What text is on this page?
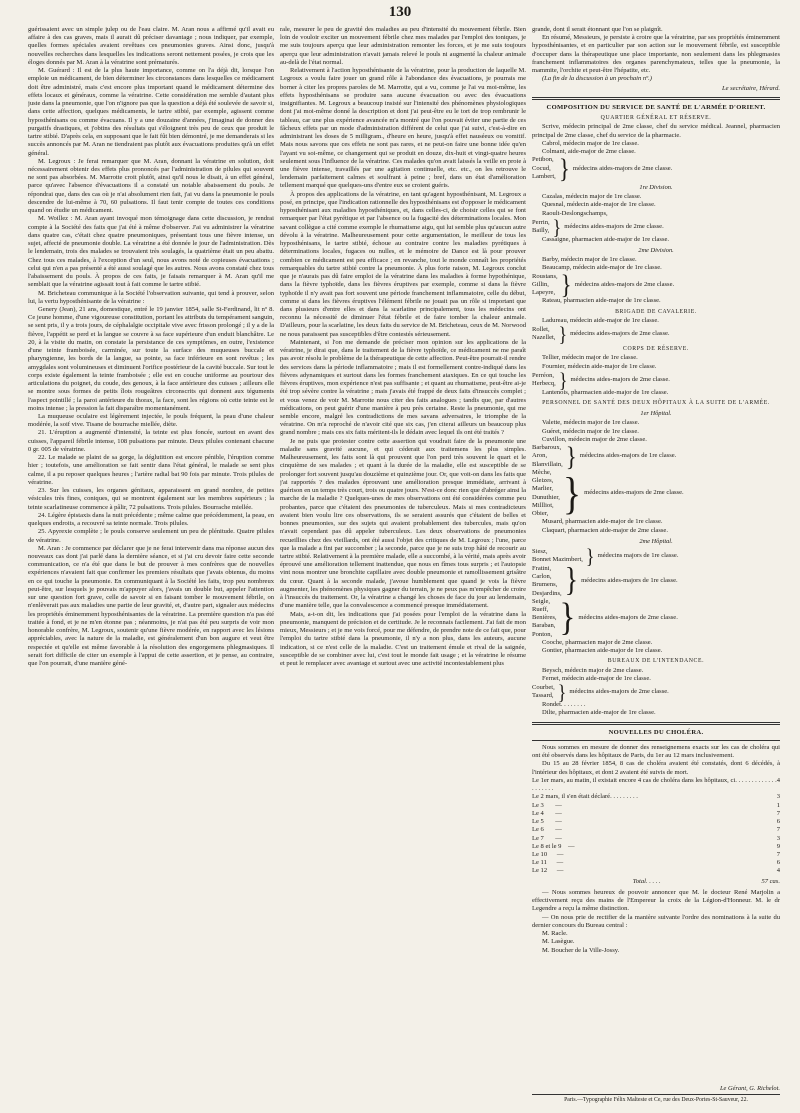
130

guérissaient avec un simple julep ou de l'eau claire. M. Aran nous a affirmé qu'il avait eu affaire à des cas graves, mais il aurait dû préciser davantage ; nous indiquer, par exemple, quelles formes spéciales avaient revêtues ces pneumonies graves. Ainsi donc, jusqu'à nouvelles recherches dans lesquelles les indications seront nettement posées, je crois que les éloges donnés par M. Aran à la vératrine sont prématurés.

M. Guérard : Il est de la plus haute importance, comme on l'a déjà dit, lorsque l'on emploie un médicament, de bien déterminer les circonstances dans lesquelles ce médicament doit être administré, mais c'est encore plus important quand le médicament détermine des effets locaux et généraux, comme la vératrine. Cette considération me semble d'autant plus juste dans la pneumonie, que l'on n'ignore pas que la question a déjà été soulevée de savoir si, dans cette affection, quelques médicaments, le tartre stibié, par exemple, agissent comme hyposthénisans ou comme évacuans. Il y a une douzaine d'années, j'imaginai de donner des purgatifs drastiques, et j'obtins des résultats qui s'éloignent très peu de ceux que produit le tartre stibié. D'après cela, en supposant que le fait fût bien démontré, je me demanderais si les succès annoncés par M. Aran ne tiendraient pas plutôt aux évacuations produites qu'à un effet général.

M. Legroux : Je ferai remarquer que M. Aran, donnant la vératrine en solution, doit nécessairement obtenir des effets plus prononcés par l'administration de pilules qui souvent ne sont pas absorbées. M. Marrotte croit plutôt, ainsi qu'il nous le disait, à un effet général, parce qu'avec l'absence d'évacuations il a constaté un notable abaissement du pouls. Je répondrai que, dans des cas où je n'ai absolument rien fait, j'ai vu dans la pneumonie le pouls descendre de lui-même à 70, 60 pulsations. Il faut tenir compte de toutes ces conditions quand on étudie un médicament.

M. Woillez : M. Aran ayant invoqué mon témoignage dans cette discussion, je rendrai compte à la Société des faits que j'ai été à même d'observer. J'ai vu administrer la vératrine dans quatre cas, c'était chez quatre pneumoniques, présentant tous une fièvre intense, un sujet, affecté de pneumonie double. La vératrine a été donnée le jour de l'administration. Dès le lendemain, trois des malades se trouvaient très soulagés, la quatrième était un peu abattu. Chez tous ces malades, à l'exception d'un seul, nous avons noté de copieuses évacuations ; celui qui n'en a pas présenté a été aussi soulagé que les autres. Nous avons constaté chez tous l'abaissement du pouls. À propos de ces faits, je faisais remarquer à M. Aran qu'il me semblait que la vératrine agissait tout à fait comme le tartre stibié.

M. Bricheteau communique à la Société l'observation suivante, qui tend à prouver, selon lui, la vertu hyposthénisante de la vératrine :

Genery (Jean), 21 ans, domestique, entré le 19 janvier 1854, salle St-Ferdinand, lit nº 8. Ce jeune homme, d'une vigoureuse constitution, portant les attributs du tempérament sanguin, se sent pris, il y a trois jours, de céphalalgie occipitale vive avec frisson prolongé ; il y a de la fièvre, l'appétit se perd et la langue se couvre à sa face supérieure d'un enduit blanchâtre. Le 20, à la visite du matin, on constate la persistance de ces symptômes, en outre, l'existence d'une teinte framboisée, carminée, sur toute la surface des muqueuses buccale et pharyngienne, les bords de la langue, sa pointe, sa face inférieure en sont revêtus ; les amygdales sont volumineuses et diminuent l'orifice postérieur de la cavité buccale. Sur tout le corps existe également la teinte framboisée ; elle est en couche uniforme au pourtour des articulations du poignet, du coude, des genoux, à la face antérieure des cuisses ; ailleurs elle se montre sous formes de petits îlots rougeâtres circonscrits qui donnent aux téguments l'aspect pointillé ; la paroi antérieure du thorax, la face, sont les régions où cette teinte est le moins intense ; la pression la fait disparaître momentanément.

La muqueuse oculaire est légèrement injectée, le pouls fréquent, la peau d'une chaleur modérée, la soif vive. Tisane de bourrache miellée, diète.

21. L'éruption a augmenté d'intensité, la teinte est plus foncée, surtout en avant des cuisses, l'appareil fébrile intense, 108 pulsations par minute. Deux pilules contenant chacune 0 gr. 005 de vératrine.

22. Le malade se plaint de sa gorge, la déglutition est encore pénible, l'éruption comme hier ; toutefois, une amélioration se fait sentir dans l'état général, le malade se sent plus calme, il a pu reposer quelques heures ; l'artère radial bat 90 fois par minute. Trois pilules de vératrine.

23. Sur les cuisses, les organes génitaux, apparaissent en grand nombre, de petites vésicules très fines, coniques, qui se montrent également sur les membres supérieurs ; la teinte scarlatineuse commence à pâlir, 72 pulsations. Trois pilules. Bourrache miellée.

24. Légère épistaxis dans la nuit précédente ; même calme que précédemment, la peau, en quelques endroits, a recouvré sa teinte normale. Trois pilules.

25. Apyrexie complète ; le pouls conserve seulement un peu de plénitude. Quatre pilules de vératrine.

M. Aran : Je commence par déclarer que je ne ferai intervenir dans ma réponse aucun des nouveaux cas dont j'ai parlé dans la dernière séance, et si j'ai cru devoir faire cette seconde communication, ce n'a été que dans le but de prouver à mes confrères que de nouvelles expériences n'avaient fait que confirmer les premiers résultats que j'avais obtenus, du moins en ce qui touche la pneumonie. En communiquant à la Société les faits, trop peu nombreux peut-être, sur lesquels je pouvais m'appuyer alors, j'avais un double but, appeler l'attention sur une question fort grave, celle de savoir si en faisant tomber le mouvement fébrile, on n'enlèverait pas aux maladies une partie de leur gravité, et, d'autre part, signaler aux médecins les propriétés éminemment hyposthénisantes de la vératrine. La première question n'a pas été traitée à fond, et je ne m'en étonne pas ; néanmoins, je n'ai pas été peu surpris de voir mon honorable confrère, M. Legroux, soutenir qu'une fièvre modérée, en rapport avec les lésions appréciables, avec la nature de la maladie, est généralement d'un bon augure et veut être respectée et qu'elle est même favorable à la résolution des engorgemens phlegmasiques. Il serait fort difficile de citer un exemple à l'appui de cette assertion, et je pense, au contraire, que l'on pourrait, d'une manière géné-

rale, mesurer le peu de gravité des maladies au peu d'intensité du mouvement fébrile. Bien loin de vouloir exciter un mouvement fébrile chez mes malades par l'emploi des toniques, je me suis toujours aperçu que leur administration remonter les forces, et je me suis toujours aperçu que leur administration n'avait jamais relevé le pouls ni augmenté la chaleur animale au-delà de l'état normal.

Relativement à l'action hyposthénisante de la vératrine, pour la production de laquelle M. Legroux a voulu faire jouer un grand rôle à l'abondance des évacuations, je pourrais me borner à citer les propres paroles de M. Marrotte, qui a vu, comme je l'ai vu moi-même, les effets hyposthénisans se produire sans aucune évacuation ou avec des évacuations insignifiantes. M. Legroux a beaucoup insisté sur l'intensité des phénomènes physiologiques dont j'ai moi-même donné la description et dont j'ai peut-être eu le tort de trop rembrunir le tableau, car une plus expérience avancée m'a montré que l'on pouvait éviter une partie de ces fâcheux effets par un mode d'administration différent de celui que j'ai suivi, c'est-à-dire en administrant les doses de 5 milligram., d'heure en heure, jusqu'à effet nauséeux ou vomitif. Mais nous savons que ces effets ne sont pas rares, et ne peut-on faire une bonne idée qu'en l'ayant vu soi-même, ce changement qui se produit en douze, dix-huit et vingt-quatre heures seulement sous l'influence de la vératrine. Ces malades qu'on avait laissés la veille en proie à une fièvre intense, travaillés par une agitation continuelle, etc. etc., on les retrouve le lendemain parfaitement calmes et soulfrant à peine ; bref, dans un état d'amélioration tellement marqué que quelques-uns d'entre eux se croient guéris.

À propos des applications de la vératrine, en tant qu'agent hyposthénisant, M. Legroux a posé, en principe, que l'indication rationnelle des hyposthénisans est d'opposer le médicament hyposthénisant aux maladies hyposthéniques, et, dans celles-ci, de choisir celles qui se font remarquer par l'état pyrétique et par l'absence ou la fugacité des déterminations locales. Mon savant collègue a cité comme exemple le rhumatisme aigu, qui lui semble plus qu'aucun autre dévolu à la vératrine. Malheureusement pour cette argumentation, le meilleur de tous les hyposthénisans, le tartre stibié, échoue au contraire contre les maladies pyrétiques à déterminations locales, fugaces ou nulles, et le mémoire de Dance est là pour prouver combien ce médicament est peu efficace ; en revanche, tout le monde connaît les propriétés remarquables du tartre stibié contre la pneumonie. À plus forte raison, M. Legroux conclut que je n'aurais pas dû faire emploi de la vératrine dans les maladies à forme hypothénique, dans la fièvre typhoïde, dans les fièvres éruptives par exemple, comme si dans la fièvre typhoïde il n'y avait pas fort souvent une période franchement inflammatoire, celle du début, comme si dans les fièvres éruptives l'élément fébrile ne jouait pas un rôle si important que dans plusieurs d'entre elles et dans la scarlatine principalement, tous les médecins ont reconnu la nécessité de diminuer l'état fébrile et de faire tomber la chaleur animale. D'ailleurs, pour la scarlatine, les deux faits du service de M. Bricheteau, ceux de M. Norwood ne nous paraissent pas susceptibles d'être contestés sérieusement.

Maintenant, si l'on me demande de préciser mon opinion sur les applications de la vératrine, je dirai que, dans le traitement de la fièvre typhoïde, ce médicament ne me paraît pas avoir résolu le problème de la thérapeutique de cette affection. Peut-être pourrait-il rendre des services dans la période inflammatoire ; mais il est formellement contre-indiqué dans les fièvres adynamiques et surtout dans les formes franchement ataxiques. En ce qui touche les fièvres éruptives, mon expérience n'est pas suffisante ; et quant au rhumatisme, peut-être ai-je été trop sévère contre la vératrine ; mais j'avais été frappé de deux faits d'insuccès complet ; et vous venez de voir M. Marrotte nous citer des faits analogues ; tandis que, par d'autres médications, on peut guérir d'une manière à peu près certaine. Reste la pneumonie, qui me semble encore, malgré les contradictions de mes savans adversaires, le triomphe de la vératrine. On m'a reproché de n'avoir cité que six cas, j'en citerai ailleurs un beaucoup plus grand nombre ; mais ces six faits méritent-ils le dédain avec lequel ils ont été traités ?

Je ne puis que protester contre cette assertion qui voudrait faire de la pneumonie une maladie sans gravité aucune, et qui céderait aux traitemens les plus simples. Malheureusement, les faits sont là qui prouvent que l'on perd très souvent le quart et le cinquième de ses malades ; et quant à la durée de la maladie, elle est susceptible de se prolonger fort souvent jusqu'au douzième et quinzième jour. Or, que voit-on dans les faits que j'ai rapportés ? des malades éprouvant une amélioration presque immédiate, arrivant à guérison en un temps très court, trois ou quatre jours. N'est-ce donc rien que d'abréger ainsi la marche de la maladie ? Quelques-unes de mes observations ont été considérées comme peu probantes, parce que c'étaient des pneumonies de tuberculeux. Mais si mes contradicteurs avaient bien voulu lire ces observations, ils se seraient assurés que c'étaient de belles et bonnes pneumonies, sur des sujets qui avaient probablement des tubercules, mais qu'on n'avait cependant pas dû appeler tuberculeux. Les deux observations de pneumonies recueillies chez des vieillards, ont été aussi l'objet des critiques de M. Legroux ; l'une, parce que la malade a fini par succomber ; la seconde, parce que je ne suis trop hâté de recourir au tartre stibié. Relativement à la première malade, elle a succombé, à la vérité, mais après avoir éprouvé une amélioration tellement inattendue, que nous en fîmes tous surpris ; et l'autopsie vint nous montrer une bronchite capillaire avec double pneumonie et ramollissement grisâtre du cœur. Quant à la seconde malade, j'avoue humblement que quand je vois la fièvre augmenter, les phénomènes physiques gagner du terrain, je ne peux pas m'empêcher de croire à l'insuccès du traitement. Or, la vératrine a changé les choses de face du jour au lendemain, d'une manière telle, que la convalescence a commencé presque immédiatement.

Mais, a-t-on dit, les indications que j'ai posées pour l'emploi de la vératrine dans la pneumonie, manquent de précision et de certitude. Je le reconnais facilement. J'ai fait de mon mieux, Messieurs ; et je me vois forcé, pour me défendre, de prendre note de ce fait que, pour l'emploi du tartre stibié dans la pneumonie, il n'y a non plus, dans les auteurs, aucune indication, si ce n'est celle de la maladie. C'est un traitement émule et rival de la saignée, susceptible de se combiner avec lui, c'est tout le monde fait usage ; et la vératrine le résume et peut le remplacer avec avantage et surtout avec une activité incontestablement plus

grande, dont il serait étonnant que l'on se plaignît.

En résumé, Messieurs, je persiste à croire que la vératrine, par ses propriétés éminemment hyposthénisantes, et en particulier par son action sur le mouvement fébrile, est susceptible d'occuper dans la thérapeutique une place importante, non seulement dans les phlegmasies franchement inflammatoires des organes parenchymateux, telles que la pneumonie, la mammite, l'orchite et peut-être l'hépatite, etc.

(La fin de la discussion à un prochain nº.)

Le secrétaire, Hérard.
COMPOSITION DU SERVICE DE SANTÉ DE L'ARMÉE D'ORIENT.
QUARTIER GÉNÉRAL ET RÉSERVE.

Scrive, médecin principal de 2me classe, chef du service médical. Jeannel, pharmacien principal de 2me classe, chef du service de la pharmacie.

Cabrol, médecin major de 1re classe.

Colmant, aide-major de 2me classe.

Petibon,
Cocud,
Lambert, } médecins aides-majors de 2me classe.
1re Division.

Cazalas, médecin major de 1re classe.

Quesnal, médecin aide-major de 1re classe.

Raoult-Deslongschamps,

Perrin,
Bailly, } médecins aides-majors de 2me classe.

Cassaigne, pharmacien aide-major de 1re classe.

2me Division.

Barby, médecin major de 1re classe.

Beaucamp, médecin aide-major de 1re classe.

Roustans,
Gillin,
Lapeyre, } médecins aides-majors de 2me classe.

Rateau, pharmacien aide-major de 1re classe.

BRIGADE DE CAVALERIE.

Ladureau, médecin aide-major de 1re classe.

Rollet,
Nazellet, } médecins aides-majors de 2me classe.
CORPS DE RÉSERVE.

Tellier, médecin major de 1re classe.

Fournier, médecin aide-major de 1re classe.

Perréon,
Herbecq, } médecins aides-majors de 2me classe.

Lantenois, pharmacien aide-major de 1re classe.

PERSONNEL DE SANTÉ DES DEUX HÔPITAUX À LA SUITE DE L'ARMÉE.
1er Hôpital.

Valette, médecin major de 1re classe.

Guéret, médecin major de 1re classe.

Cuvillon, médecin major de 2me classe.

Barbaroux,
Aron,
Blanvillain, } médecins aides-majors de 1re classe.
Mèche,
Gleizes,
Marlier,
Dunuthier,
Millliot,
Obier, } médecins aides-majors de 2me classe.

Musard, pharmacien aide-major de 1re classe.

Claquart, pharmacien aide-major de 2me classe.

2me Hôpital.
Siesz,
Bonnet Mazimbert, } médecins majors de 1re classe.
Fratini,
Carlon,
Brumens,
Desjardins, } médecins aides-majors de 1re classe.
Seigle,
Rueff,
Benières,
Baraban,
Ponton, } médecins aides-majors de 2me classe.

Cooche, pharmacien major de 2me classe.

Gontier, pharmacien aide-major de 1re classe.

BUREAUX DE L'INTENDANCE.

Beysch, médecin major de 2me classe.

Fernet, médecin aide-major de 1re classe.

Courbet,
Tassard, } médecins aides-majors de 2me classe.

Rondet. . . . . . . .

Dilte, pharmacien aide-major de 1re classe.

NOUVELLES DU CHOLÉRA.

Nous sommes en mesure de donner des renseignemens exacts sur les cas de choléra qui ont été observés dans les hôpitaux de Paris, du 1er au 12 mars inclusivement.

Du 15 au 28 février 1854, 8 cas de choléra avaient été constatés, dont 6 décédés, à l'intérieur des hôpitaux, et dont 2 avaient été suivis de mort.

Le 1er mars, au matin, il existait encore 4 cas de choléra dans les hôpitaux, ci. . . . . . . . . . . . . . . . . . . .
4
Le 2 mars, il s'en était déclaré. . . . . . . . .	3
Le 3       —	1
Le 4       —	7
Le 5       —	6
Le 6       —	7
Le 7       —	3
Le 8 et le 9    —	9
Le 10      —	7
Le 11      —	6
Le 12      —	4
Total. . . . .	57 cas.

— Nous sommes heureux de pouvoir annoncer que M. le docteur René Marjolin a effectivement reçu des mains de l'Empereur la croix de la Légion-d'Honneur. M. le dr Legendre a reçu la même distinction.

— On nous prie de rectifier de la manière suivante l'ordre des nominations à la suite du dernier concours du Bureau central :

M. Racle.
M. Lasègue.
M. Boucher de la Ville-Jossy.
Le Gérant, G. Richelot.
Paris.—Typographie Félix Malteste et Ce, rue des Deux-Portes-St-Sauveur, 22.
